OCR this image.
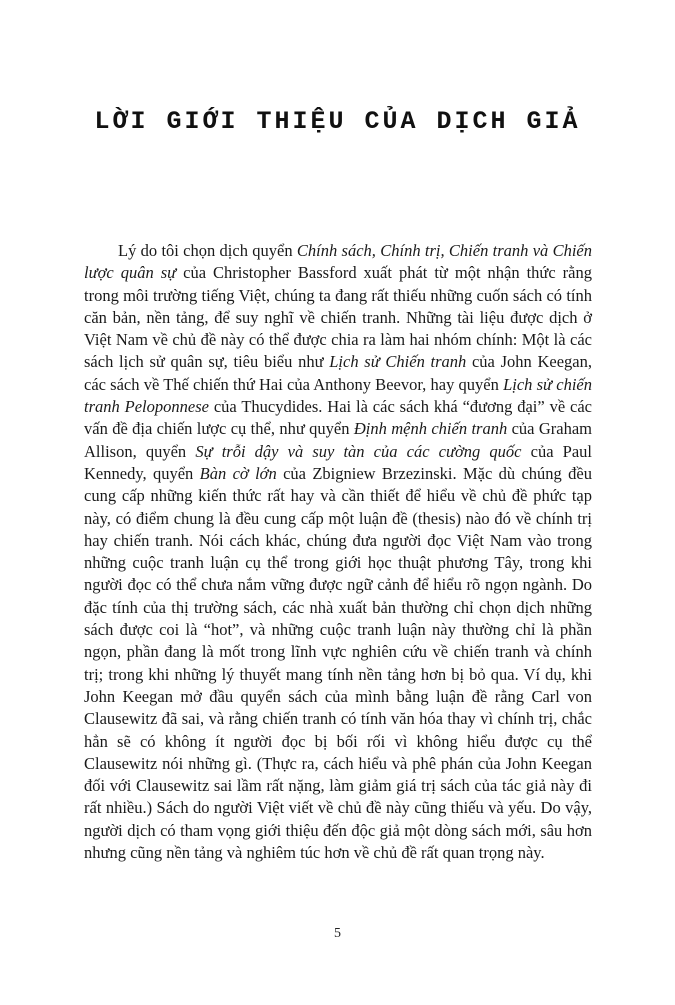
LỜI GIỚI THIỆU CỦA DỊCH GIẢ

Lý do tôi chọn dịch quyển Chính sách, Chính trị, Chiến tranh và Chiến lược quân sự của Christopher Bassford xuất phát từ một nhận thức rằng trong môi trường tiếng Việt, chúng ta đang rất thiếu những cuốn sách có tính căn bản, nền tảng, để suy nghĩ về chiến tranh. Những tài liệu được dịch ở Việt Nam về chủ đề này có thể được chia ra làm hai nhóm chính: Một là các sách lịch sử quân sự, tiêu biểu như Lịch sử Chiến tranh của John Keegan, các sách về Thế chiến thứ Hai của Anthony Beevor, hay quyển Lịch sử chiến tranh Peloponnese của Thucydides. Hai là các sách khá “đương đại” về các vấn đề địa chiến lược cụ thể, như quyển Định mệnh chiến tranh của Graham Allison, quyển Sự trỗi dậy và suy tàn của các cường quốc của Paul Kennedy, quyển Bàn cờ lớn của Zbigniew Brzezinski. Mặc dù chúng đều cung cấp những kiến thức rất hay và cần thiết để hiểu về chủ đề phức tạp này, có điểm chung là đều cung cấp một luận đề (thesis) nào đó về chính trị hay chiến tranh. Nói cách khác, chúng đưa người đọc Việt Nam vào trong những cuộc tranh luận cụ thể trong giới học thuật phương Tây, trong khi người đọc có thể chưa nắm vững được ngữ cảnh để hiểu rõ ngọn ngành. Do đặc tính của thị trường sách, các nhà xuất bản thường chỉ chọn dịch những sách được coi là “hot”, và những cuộc tranh luận này thường chỉ là phần ngọn, phần đang là mốt trong lĩnh vực nghiên cứu về chiến tranh và chính trị; trong khi những lý thuyết mang tính nền tảng hơn bị bỏ qua. Ví dụ, khi John Keegan mở đầu quyển sách của mình bằng luận đề rằng Carl von Clausewitz đã sai, và rằng chiến tranh có tính văn hóa thay vì chính trị, chắc hẳn sẽ có không ít người đọc bị bối rối vì không hiểu được cụ thể Clausewitz nói những gì. (Thực ra, cách hiểu và phê phán của John Keegan đối với Clausewitz sai lầm rất nặng, làm giảm giá trị sách của tác giả này đi rất nhiều.) Sách do người Việt viết về chủ đề này cũng thiếu và yếu. Do vậy, người dịch có tham vọng giới thiệu đến độc giả một dòng sách mới, sâu hơn nhưng cũng nền tảng và nghiêm túc hơn về chủ đề rất quan trọng này.

5
